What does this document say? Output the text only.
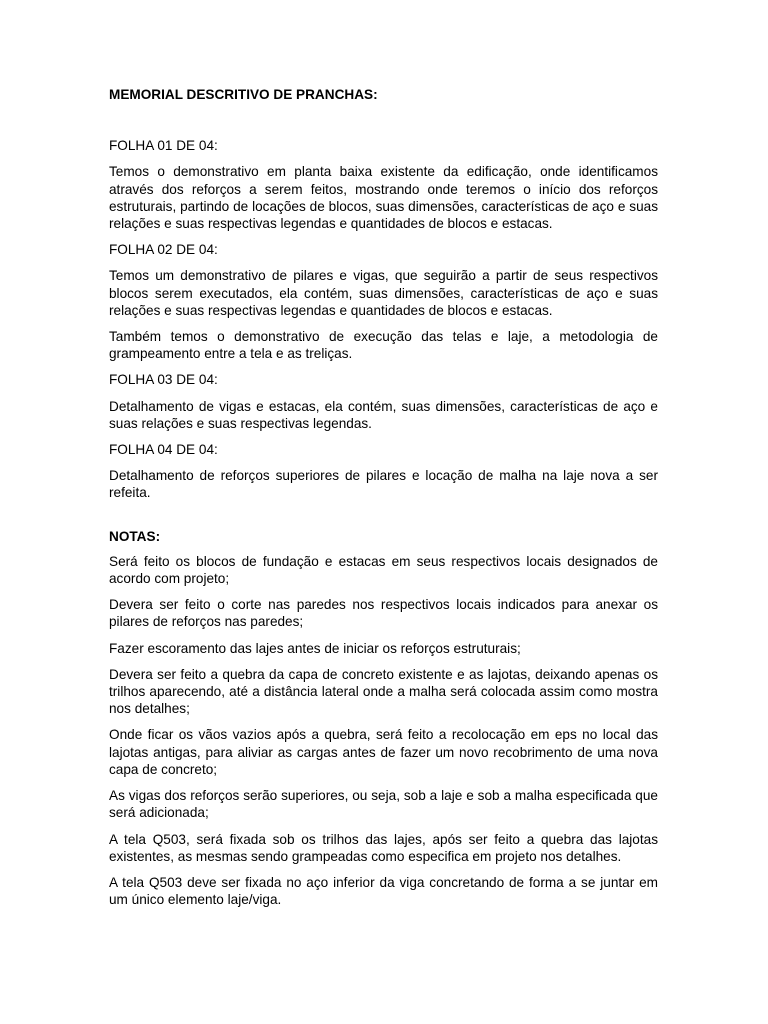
MEMORIAL DESCRITIVO DE PRANCHAS:

FOLHA 01 DE 04:

Temos o demonstrativo em planta baixa existente da edificação, onde identificamos através dos reforços a serem feitos, mostrando onde teremos o início dos reforços estruturais, partindo de locações de blocos, suas dimensões, características de aço e suas relações e suas respectivas legendas e quantidades de blocos e estacas.

FOLHA 02 DE 04:

Temos um demonstrativo de pilares e vigas, que seguirão a partir de seus respectivos blocos serem executados, ela contém, suas dimensões, características de aço e suas relações e suas respectivas legendas e quantidades de blocos e estacas.

Também temos o demonstrativo de execução das telas e laje, a metodologia de grampeamento entre a tela e as treliças.

FOLHA 03 DE 04:

Detalhamento de vigas e estacas, ela contém, suas dimensões, características de aço e suas relações e suas respectivas legendas.

FOLHA 04 DE 04:

Detalhamento de reforços superiores de pilares e locação de malha na laje nova a ser refeita.

NOTAS:

Será feito os blocos de fundação e estacas em seus respectivos locais designados de acordo com projeto;

Devera ser feito o corte nas paredes nos respectivos locais indicados para anexar os pilares de reforços nas paredes;

Fazer escoramento das lajes antes de iniciar os reforços estruturais;

Devera ser feito a quebra da capa de concreto existente e as lajotas, deixando apenas os trilhos aparecendo, até a distância lateral onde a malha será colocada assim como mostra nos detalhes;

Onde ficar os vãos vazios após a quebra, será feito a recolocação em eps no local das lajotas antigas, para aliviar as cargas antes de fazer um novo recobrimento de uma nova capa de concreto;

As vigas dos reforços serão superiores, ou seja, sob a laje e sob a malha especificada que será adicionada;

A tela Q503, será fixada sob os trilhos das lajes, após ser feito a quebra das lajotas existentes, as mesmas sendo grampeadas como especifica em projeto nos detalhes.

A tela Q503 deve ser fixada no aço inferior da viga concretando de forma a se juntar em um único elemento laje/viga.
